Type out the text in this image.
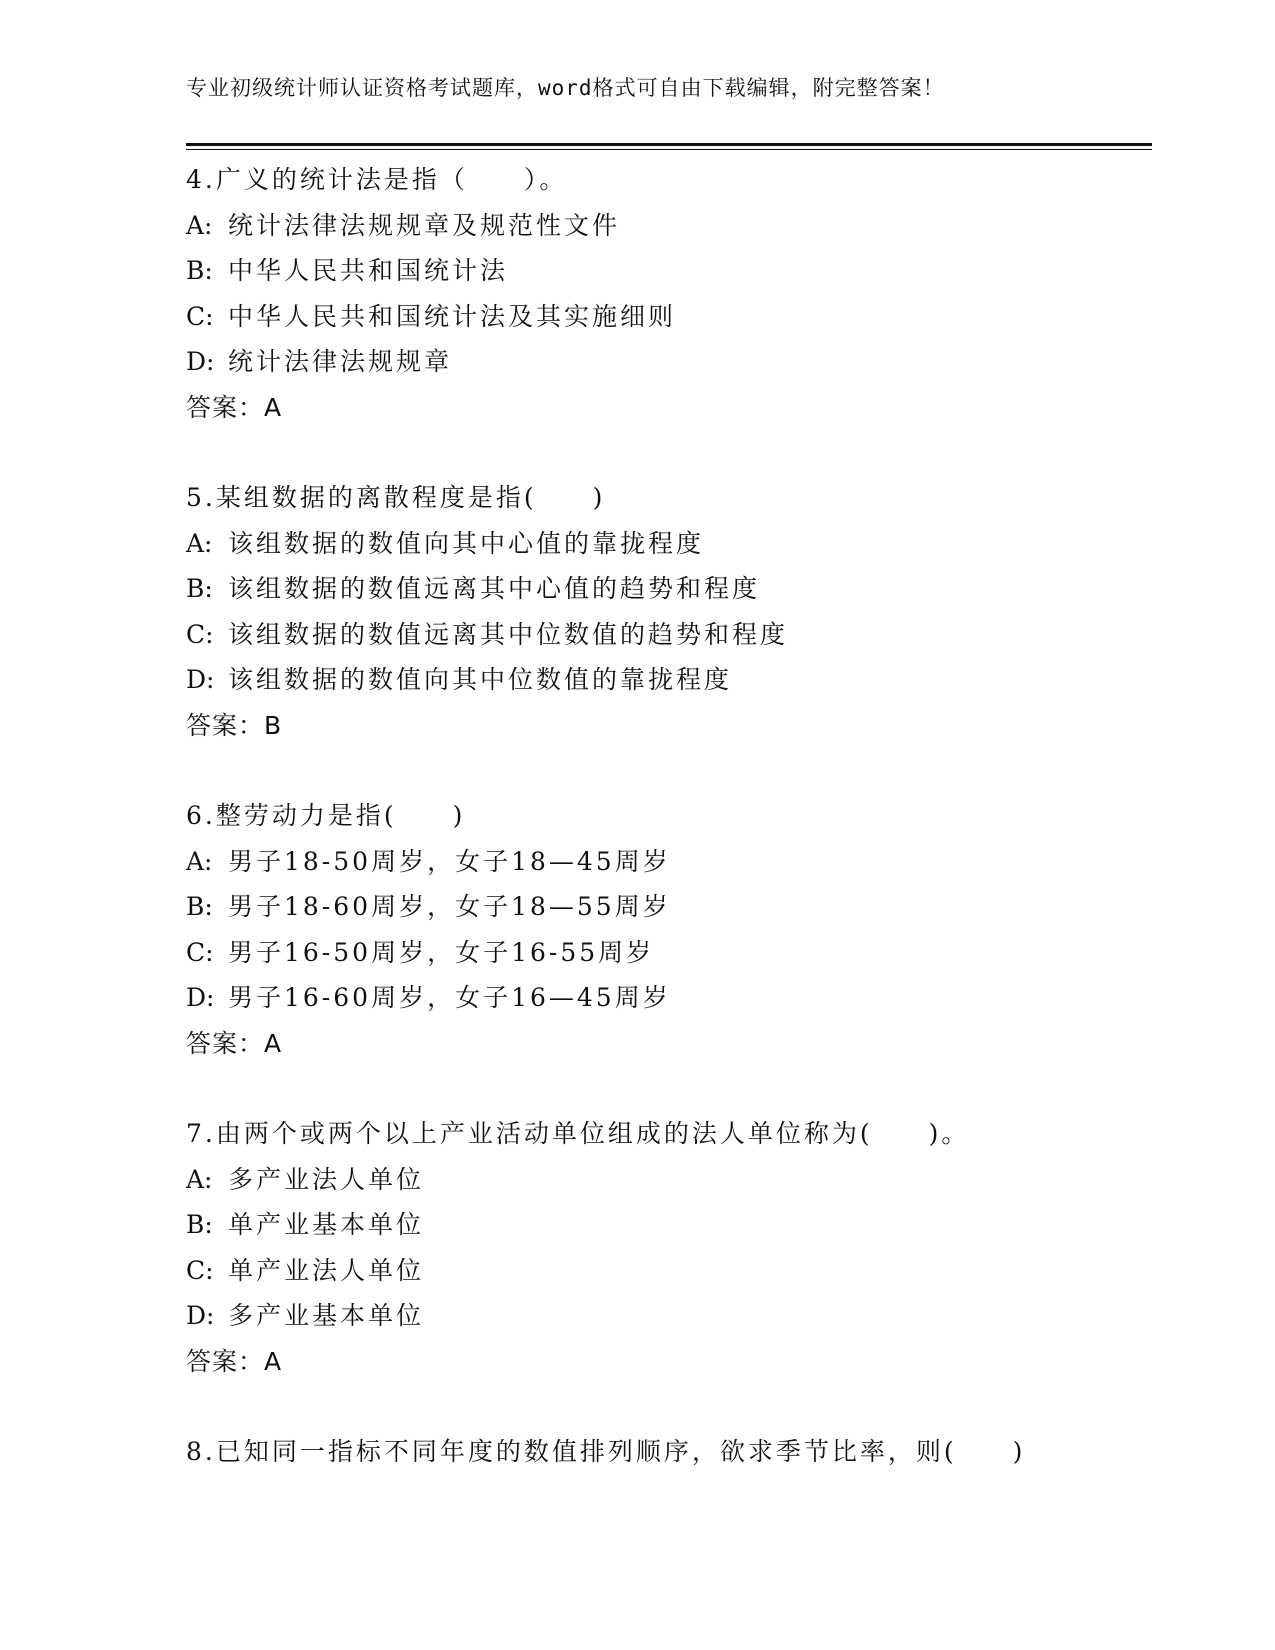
专业初级统计师认证资格考试题库，word格式可自由下载编辑，附完整答案！
4.广义的统计法是指（　　）。
A: 统计法律法规规章及规范性文件
B: 中华人民共和国统计法
C: 中华人民共和国统计法及其实施细则
D: 统计法律法规规章
答案：A
5.某组数据的离散程度是指(　　)
A: 该组数据的数值向其中心值的靠拢程度
B: 该组数据的数值远离其中心值的趋势和程度
C: 该组数据的数值远离其中位数值的趋势和程度
D: 该组数据的数值向其中位数值的靠拢程度
答案：B
6.整劳动力是指(　　)
A: 男子18-50周岁，女子18—45周岁
B: 男子18-60周岁，女子18—55周岁
C: 男子16-50周岁，女子16-55周岁
D: 男子16-60周岁，女子16—45周岁
答案：A
7.由两个或两个以上产业活动单位组成的法人单位称为(　　)。
A: 多产业法人单位
B: 单产业基本单位
C: 单产业法人单位
D: 多产业基本单位
答案：A
8.已知同一指标不同年度的数值排列顺序，欲求季节比率，则(　　)
